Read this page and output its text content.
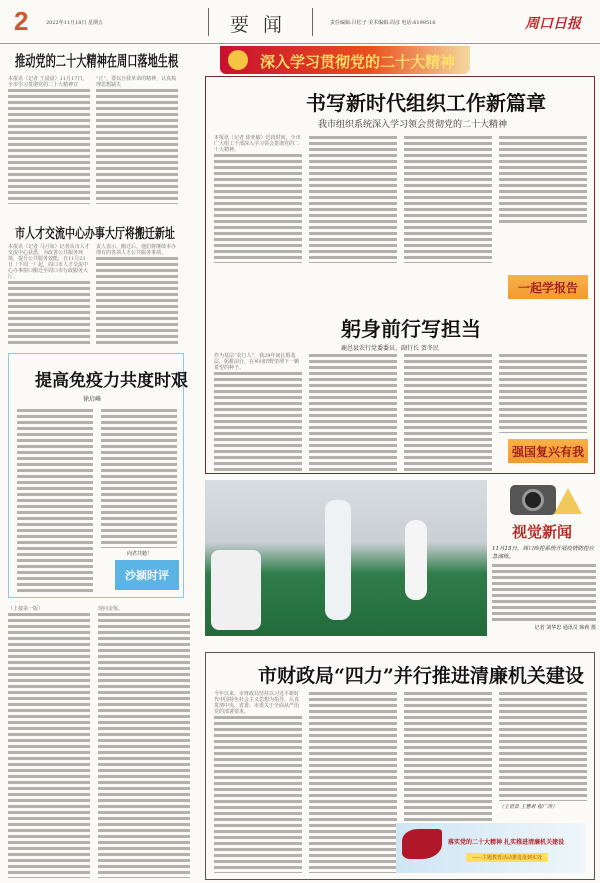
2	2022年11月18日 星期五	要闻	责任编辑:吕松子 美术编辑:周彦 电话:6199516	周口日报
推动党的二十大精神在周口落地生根

本报讯（记者 王晨晨）11月17日，全市学习贯彻党的二十大精神宣

“正”，要以自我革命的精神，认真梳理思想缺失

市人才交流中心办事大厅将搬迁新址

本报讯（记者 马月如）记者从市人才交流中心获悉，为改善公共服务环境，提升公共服务效能，自11月21日（下周一）起，周口市人才交流中心办事窗口搬迁至周口市行政服务大厅。

责人表示，搬迁后，他们将继续本办理有的各项人才公共服务事项。

提高免疫力共度时艰
徐启峰
向君共勉！
沙颍时评

（上接第一版）	现问金鉴。

深入学习贯彻党的二十大精神
书写新时代组织工作新篇章
我市组织系统深入学习领会贯彻党的二十大精神

本报讯（记者 徐亚敏）近段时间，全市广大组工干部深入学习领会贯彻党的二十大精神。

一起学报告
躬身前行写担当
鹿邑县农行党委委员、副行长 贾冬民

作为基层“农行人”，我29年间扎根基层，躬耕前行，在乡间田野里埋下一颗希望的种子。

强国复兴有我
视觉新闻

11月15日，周口疾控系统开展疫情防控应急演练。

记者 刘华忠 通讯员 韩莉 摄

市财政局“四力”并行推进清廉机关建设

今年以来，市财政局坚持以习近平新时代中国特色社会主义思想为指导，认真贯彻中央、省委、市委关于全面从严治党的部署要求。

（王世景 王慧君 程广涛）
落实党的二十大精神 扎实推进清廉机关建设
——主题教育活动推进落到实处
